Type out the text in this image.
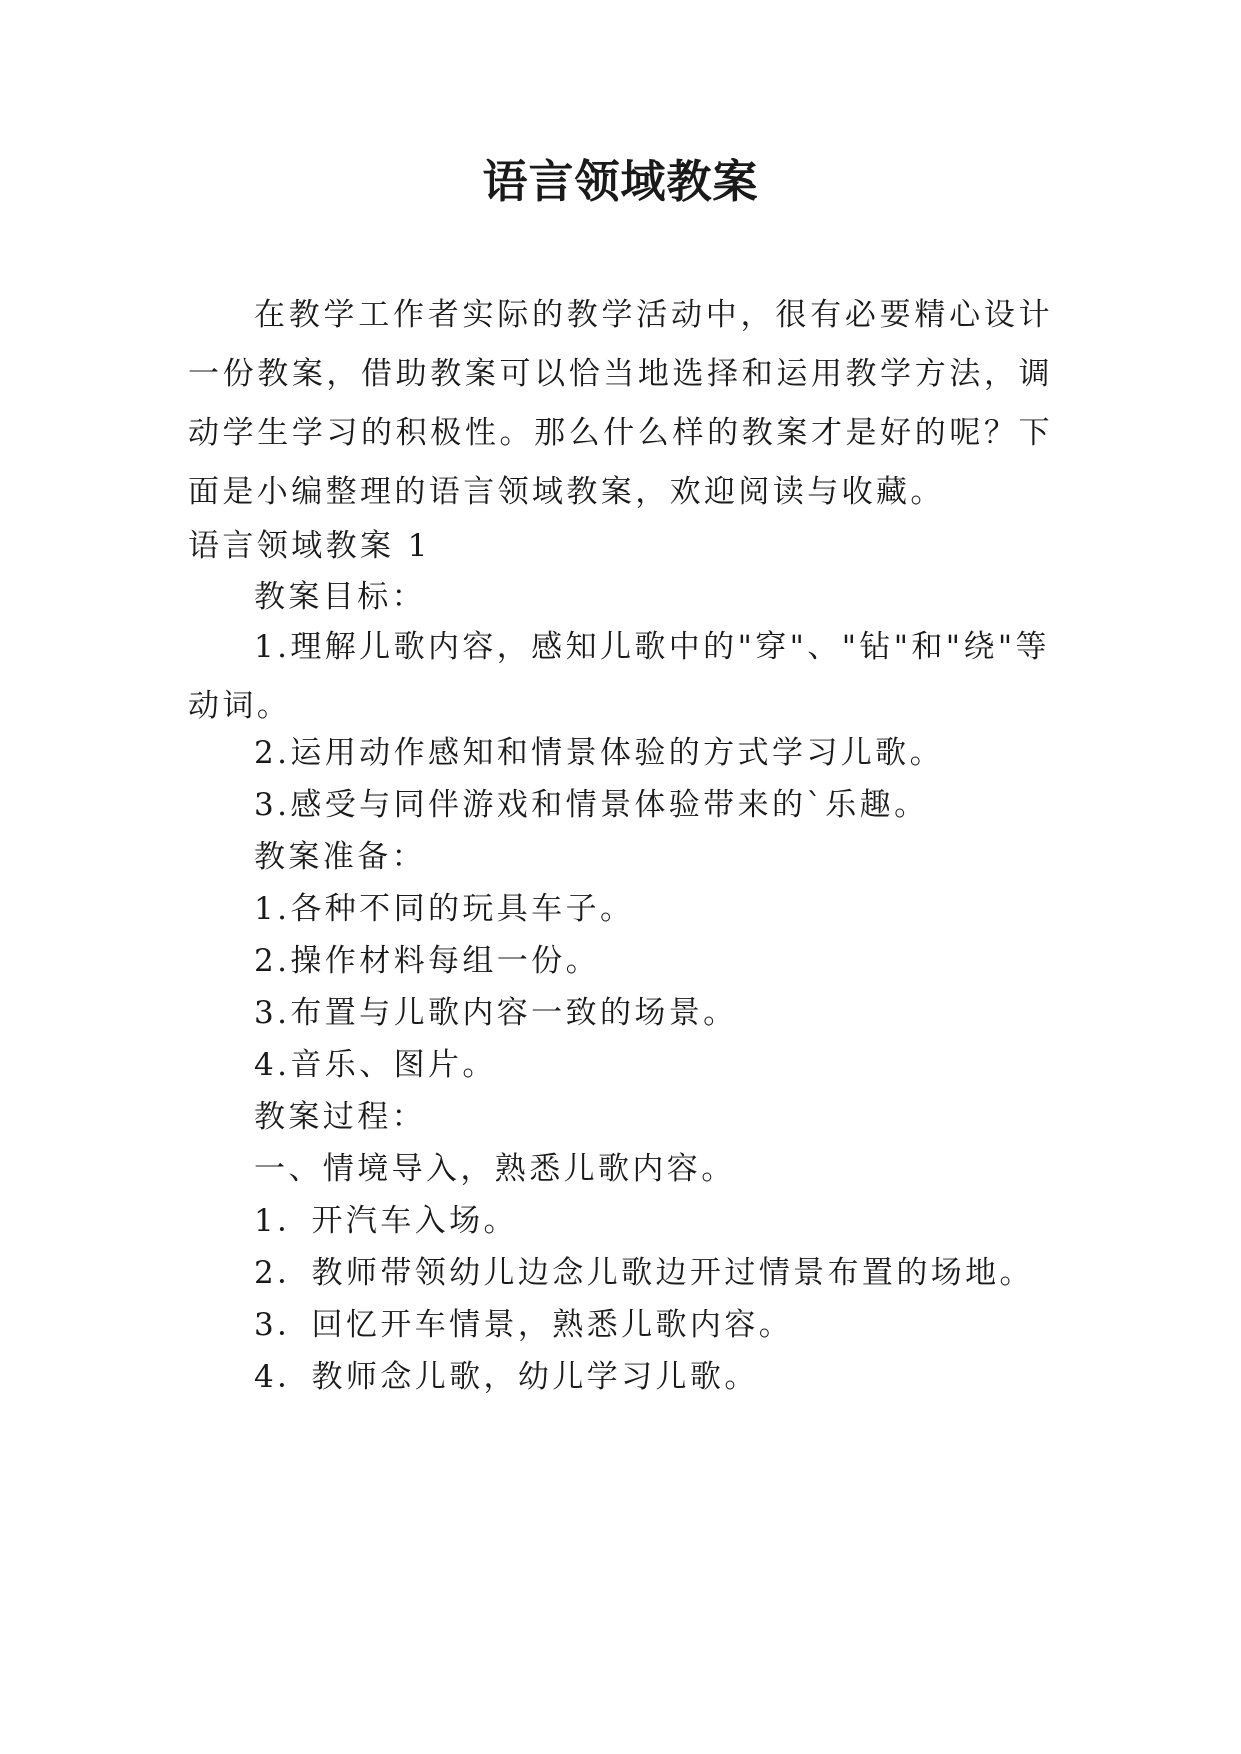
语言领域教案

在教学工作者实际的教学活动中，很有必要精心设计一份教案，借助教案可以恰当地选择和运用教学方法，调动学生学习的积极性。那么什么样的教案才是好的呢？下面是小编整理的语言领域教案，欢迎阅读与收藏。

语言领域教案 1

教案目标：

1.理解儿歌内容，感知儿歌中的"穿"、"钻"和"绕"等动词。

2.运用动作感知和情景体验的方式学习儿歌。

3.感受与同伴游戏和情景体验带来的`乐趣。

教案准备：

1.各种不同的玩具车子。

2.操作材料每组一份。

3.布置与儿歌内容一致的场景。

4.音乐、图片。

教案过程：

一、情境导入，熟悉儿歌内容。

1．开汽车入场。

2．教师带领幼儿边念儿歌边开过情景布置的场地。

3．回忆开车情景，熟悉儿歌内容。

4．教师念儿歌，幼儿学习儿歌。
